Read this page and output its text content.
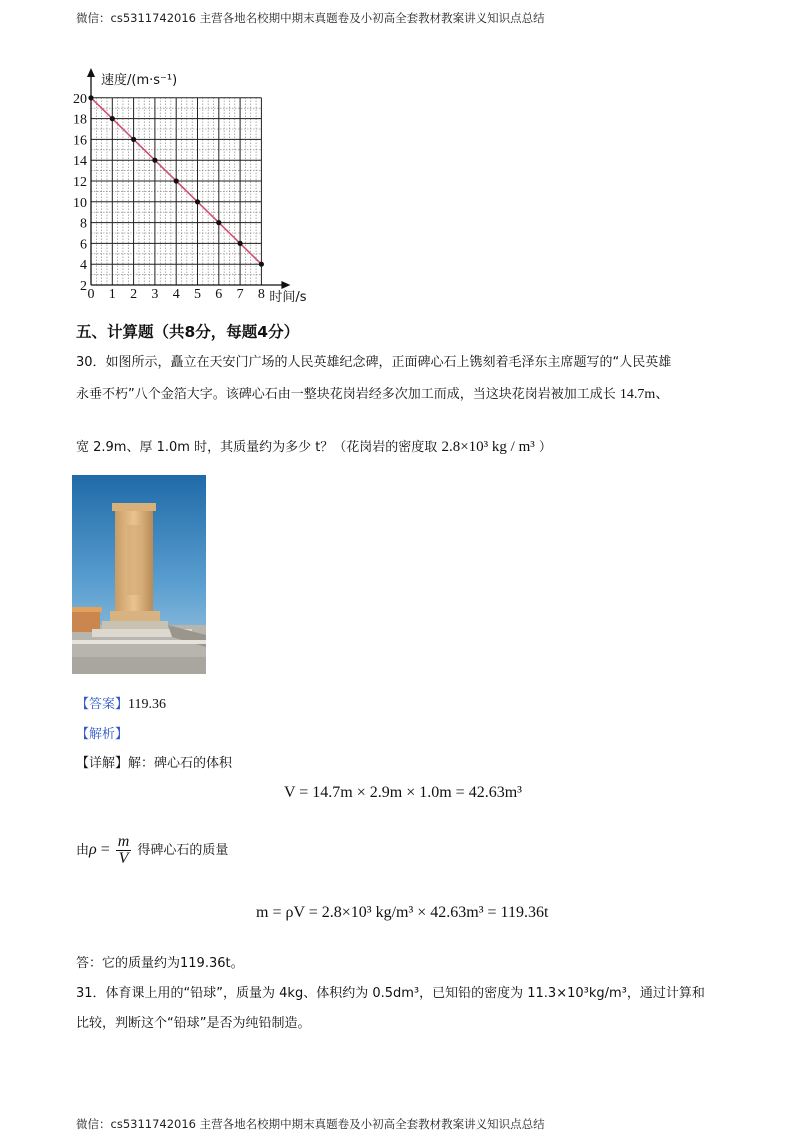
微信：cs5311742016 主营各地名校期中期末真题卷及小初高全套教材教案讲义知识点总结
2
4
6
8
10
12
14
16
18
20
0 1 2 3 4 5 6 7 8
速度/(m·s⁻¹)
时间/s
五、计算题（共8分，每题4分）
30．如图所示，矗立在天安门广场的人民英雄纪念碑，正面碑心石上镌刻着毛泽东主席题写的“人民英雄
永垂不朽”八个金箔大字。该碑心石由一整块花岗岩经多次加工而成，当这块花岗岩被加工成长 14.7m、
宽 2.9m、厚 1.0m 时，其质量约为多少 t？（花岗岩的密度取 2.8×10³ kg / m³ ）
【答案】119.36
【解析】
【详解】解：碑心石的体积
V = 14.7m × 2.9m × 1.0m = 42.63m³
由$\rho = \frac{m}{V}$ 得碑心石的质量
m = ρV = 2.8×10³ kg/m³ × 42.63m³ = 119.36t
答：它的质量约为119.36t。
31．体育课上用的“铅球”，质量为 4kg、体积约为 0.5dm³，已知铅的密度为 11.3×10³kg/m³，通过计算和
比较，判断这个“铅球”是否为纯铅制造。
微信：cs5311742016 主营各地名校期中期末真题卷及小初高全套教材教案讲义知识点总结
